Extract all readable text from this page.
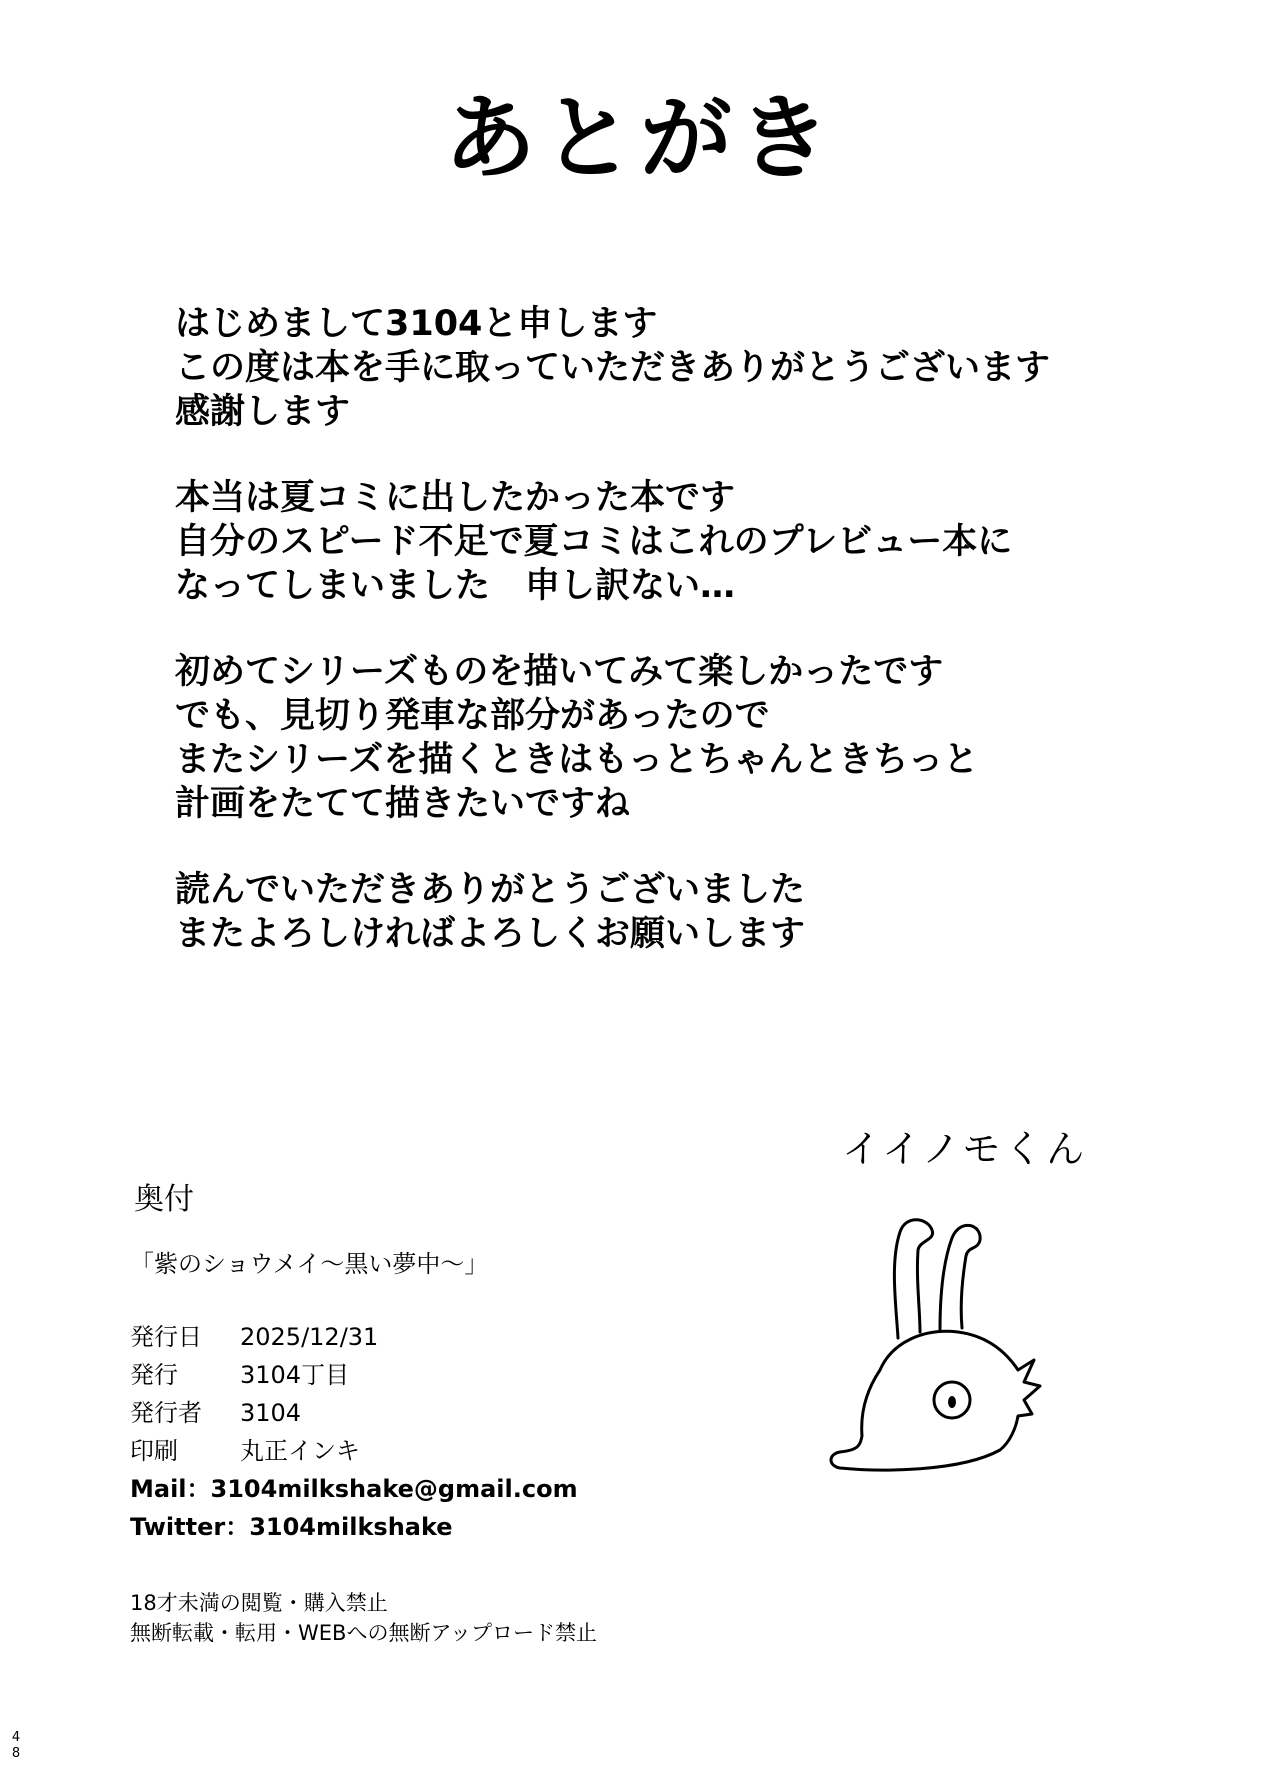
あとがき
はじめまして3104と申します
この度は本を手に取っていただきありがとうございます
感謝します
本当は夏コミに出したかった本です
自分のスピード不足で夏コミはこれのプレビュー本に
なってしまいました　申し訳ない…
初めてシリーズものを描いてみて楽しかったです
でも、見切り発車な部分があったので
またシリーズを描くときはもっとちゃんときちっと
計画をたてて描きたいですね
読んでいただきありがとうございました
またよろしければよろしくお願いします
イイノモくん
奥付
「紫のショウメイ〜黒い夢中〜」
発行日 2025/12/31
発行	3104丁目
発行者 3104
印刷	丸正インキ
Mail：3104milkshake@gmail.com
Twitter：3104milkshake
18才未満の閲覧・購入禁止
無断転載・転用・WEBへの無断アップロード禁止
48
